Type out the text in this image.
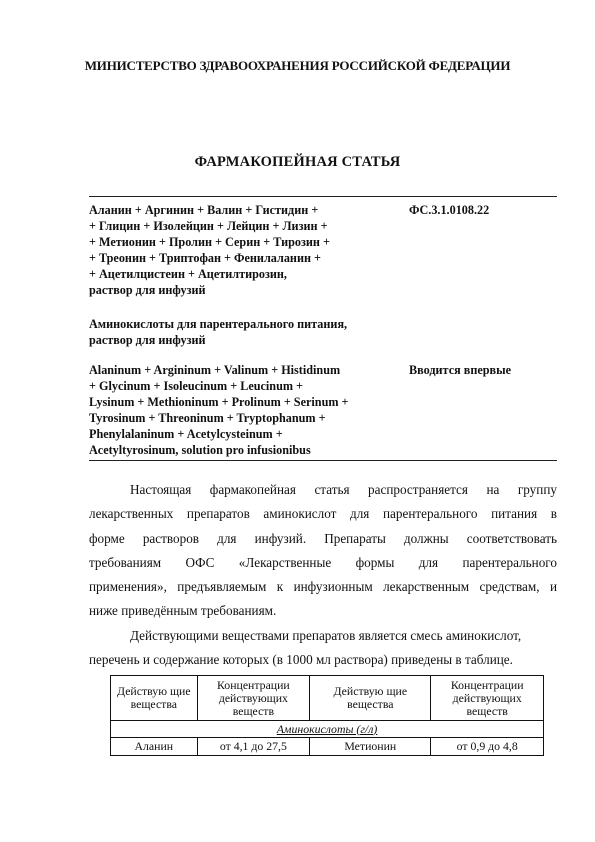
МИНИСТЕРСТВО ЗДРАВООХРАНЕНИЯ РОССИЙСКОЙ ФЕДЕРАЦИИ
ФАРМАКОПЕЙНАЯ СТАТЬЯ
Аланин + Аргинин + Валин + Гистидин +
+ Глицин + Изолейцин + Лейцин + Лизин +
+ Метионин + Пролин + Серин + Тирозин +
+ Треонин + Триптофан + Фенилаланин +
+ Ацетилцистеин + Ацетилтирозин,
раствор для инфузий
ФС.3.1.0108.22
Аминокислоты для парентерального питания,
раствор для инфузий
Alaninum + Argininum + Valinum + Histidinum
+ Glycinum + Isoleucinum + Leucinum +
Lysinum + Methioninum + Prolinum + Serinum +
Tyrosinum + Threoninum + Tryptophanum +
Phenylalaninum + Acetylcysteinum +
Acetyltyrosinum, solution pro infusionibus
Вводится впервые
Настоящая фармакопейная статья распространяется на группу
лекарственных препаратов аминокислот для парентерального питания в
форме растворов для инфузий. Препараты должны соответствовать
требованиям ОФС «Лекарственные формы для парентерального
применения», предъявляемым к инфузионным лекарственным средствам, и
ниже приведённым требованиям.
Действующими веществами препаратов является смесь аминокислот,
перечень и содержание которых (в 1000 мл раствора) приведены в таблице.
Действую щие вещества	Концентрации действующих веществ	Действую щие вещества	Концентрации действующих веществ
Аминокислоты (г/л)			
Аланин	от 4,1 до 27,5	Метионин	от 0,9 до 4,8
